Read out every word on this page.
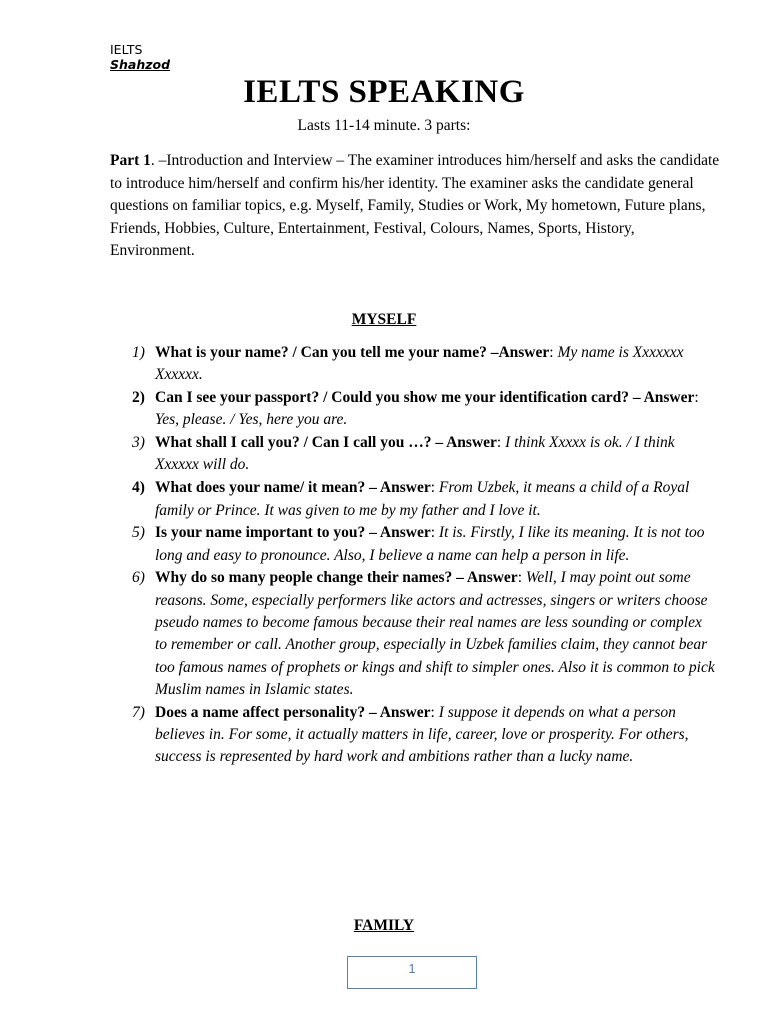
IELTS
Shahzod
IELTS SPEAKING
Lasts 11-14 minute. 3 parts:
Part 1. –Introduction and Interview – The examiner introduces him/herself and asks the candidate to introduce him/herself and confirm his/her identity. The examiner asks the candidate general questions on familiar topics, e.g. Myself, Family, Studies or Work, My hometown, Future plans, Friends, Hobbies, Culture, Entertainment, Festival, Colours, Names, Sports, History, Environment.
MYSELF
1) What is your name? / Can you tell me your name? –Answer: My name is Xxxxxxx Xxxxxx.
2) Can I see your passport? / Could you show me your identification card? – Answer: Yes, please. / Yes, here you are.
3) What shall I call you? / Can I call you …? – Answer: I think Xxxxx is ok. / I think Xxxxxx will do.
4) What does your name/ it mean? – Answer: From Uzbek, it means a child of a Royal family or Prince. It was given to me by my father and I love it.
5) Is your name important to you? – Answer: It is. Firstly, I like its meaning. It is not too long and easy to pronounce. Also, I believe a name can help a person in life.
6) Why do so many people change their names? – Answer: Well, I may point out some reasons. Some, especially performers like actors and actresses, singers or writers choose pseudo names to become famous because their real names are less sounding or complex to remember or call. Another group, especially in Uzbek families claim, they cannot bear too famous names of prophets or kings and shift to simpler ones. Also it is common to pick Muslim names in Islamic states.
7) Does a name affect personality? – Answer: I suppose it depends on what a person believes in. For some, it actually matters in life, career, love or prosperity. For others, success is represented by hard work and ambitions rather than a lucky name.
FAMILY
1
